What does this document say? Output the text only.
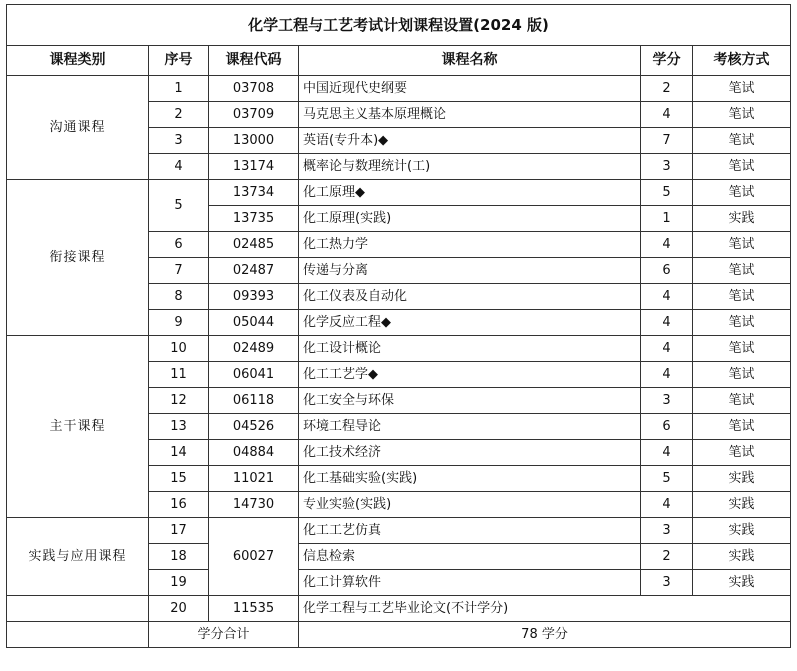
化学工程与工艺考试计划课程设置(2024 版)					
课程类别	序号	课程代码	课程名称	学分	考核方式
沟通课程	1	03708	中国近现代史纲要	2	笔试
	2	03709	马克思主义基本原理概论	4	笔试
	3	13000	英语(专升本)◆	7	笔试
	4	13174	概率论与数理统计(工)	3	笔试
衔接课程	5	13734	化工原理◆	5	笔试
		13735	化工原理(实践)	1	实践
	6	02485	化工热力学	4	笔试
	7	02487	传递与分离	6	笔试
	8	09393	化工仪表及自动化	4	笔试
	9	05044	化学反应工程◆	4	笔试
主干课程	10	02489	化工设计概论	4	笔试
	11	06041	化工工艺学◆	4	笔试
	12	06118	化工安全与环保	3	笔试
	13	04526	环境工程导论	6	笔试
	14	04884	化工技术经济	4	笔试
	15	11021	化工基础实验(实践)	5	实践
	16	14730	专业实验(实践)	4	实践
实践与应用课程	17	60027	化工工艺仿真	3	实践
	18		信息检索	2	实践
	19		化工计算软件	3	实践
	20	11535	化学工程与工艺毕业论文(不计学分)		
	学分合计		78 学分		
